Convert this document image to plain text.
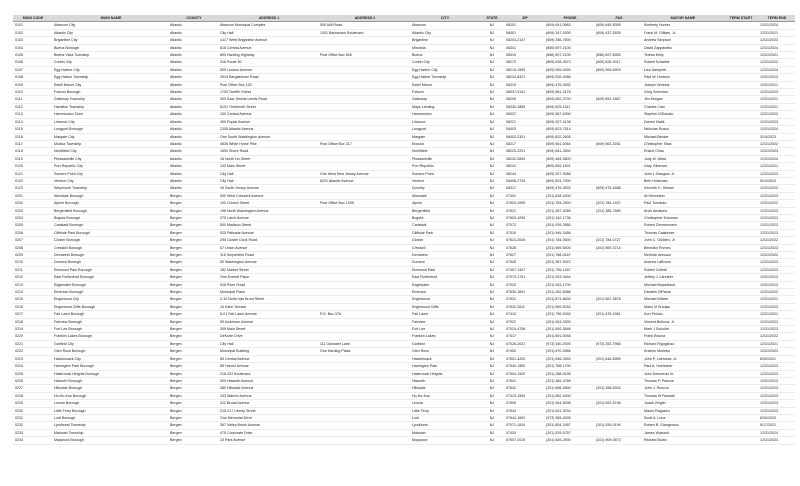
MUNI CODE	MUNI NAME	COUNTY	ADDRESS 1	ADDRESS 2	CITY	STATE	ZIP	PHONE	FAX	MAYOR NAME	TERM START	TERM END
0101	Absecon City	Atlantic	Absecon Municipal Complex	500 Mill Road	Absecon	NJ	08201	(609) 641-0663	(609) 645-5059	Kimberly Horner		12/31/2024
0102	Atlantic City	Atlantic	City Hall	1301 Bacharach Boulevard	Atlantic City	NJ	08401	(609) 347-5300	(609) 437-5539	Frank M. Gilliam, Jr.		12/31/2021
0103	Brigantine City	Atlantic	1417 West Brigantine Avenue		Brigantine	NJ	08203-2147	(609) 266-7600		Andrew Simpson		12/31/2023
0104	Buena Borough	Atlantic	616 Central Avenue		Minotola	NJ	08341	(856) 697-2100		David Zappariello		12/31/2024
0105	Buena Vista Township	Atlantic	890 Harding Highway	Post Office Box 605	Buena	NJ	08310	(856) 697-2100	(856) 697-8353	Teresa Kelly		12/31/2021
0106	Corbin City	Atlantic	316 Route 50		Corbin City	NJ	08270	(609) 628-2673	(609) 628-3017	Robert Schaible		12/31/2022
0107	Egg Harbor City	Atlantic	500 London Avenue		Egg Harbor City	NJ	08215-1599	(609) 965-0493	(609) 965-6909	Lisa Jiampetti		12/31/2024
0108	Egg Harbor Township	Atlantic	3515 Bargaintown Road		Egg Harbor Township	NJ	08234-8321	(609) 926-4086		Paul W. Hodson		12/31/2023
0109	Estell Manor City	Atlantic	Post Office Box 102		Estell Manor	NJ	08319	(609) 476-2692		Joseph Venezia		12/31/2021
0110	Folsom Borough	Atlantic	1700 Twelfth Street		Folsom	NJ	08037-9141	(609) 561-3178		Greg Schenker		12/31/2023
0111	Galloway Township	Atlantic	300 East Jimmie Leeds Road		Galloway	NJ	08205	(609) 652-3700	(609) 652-1867	Jim Morgan		12/31/2021
0112	Hamilton Township	Atlantic	6101 Thirteenth Street		Mays Landing	NJ	08330-1855	(609) 625-1511		Charles Cain		12/31/2021
0113	Hammonton Town	Atlantic	100 Central Avenue		Hammonton	NJ	08037	(609) 567-4300		Stephen DiDonato		12/31/2023
0114	Linwood City	Atlantic	400 Poplar Avenue		Linwood	NJ	08221	(609) 927-4108		Darren Matik		12/31/2023
0115	Longport Borough	Atlantic	2305 Atlantic Avenue		Longport	NJ	08403	(609) 823-7514		Nicholas Russo		12/31/2024
0116	Margate City	Atlantic	One South Washington Avenue		Margate	NJ	08402-2301	(609) 822-2605		Michael Becker		3/15/2023
0117	Mullica Township	Atlantic	4528 White Horse Pike	Post Office Box 317	Elwood	NJ	08217	(609) 561-0064	(609) 561-3031	Christopher Silva		12/31/2022
0118	Northfield City	Atlantic	1600 Shore Road		Northfield	NJ	08225-2201	(609) 641-2832		Erland Chau		12/31/2023
0119	Pleasantville City	Atlantic	18 North 1st Street		Pleasantville	NJ	08232-2694	(609) 484-3600		Judy M. Ward		12/31/2024
0120	Port Republic City	Atlantic	143 Main Street		Port Republic	NJ	08241	(609) 652-1501		Gary Giberson		12/31/2021
0121	Somers Point City	Atlantic	City Hall	One West New Jersey Avenue	Somers Point	NJ	08244	(609) 927-9088		John L Glasgow, Jr.		12/31/2023
0122	Ventnor City	Atlantic	City Hall	6201 Atlantic Avenue	Ventnor	NJ	08406-2734	(609) 823-7900		Beth Holtzman		5/14/2024
0123	Weymouth Township	Atlantic	45 South Jersey Avenue		Dorothy	NJ	08317	(609) 476-2633	(609) 476-4488	Kenneth K. Hesser		12/31/2022
0201	Allendale Borough	Bergen	500 West Crescent Avenue		Allendale	NJ	07401	(201) 818-4400		Ari Bernstein		12/31/2023
0202	Alpine Borough	Bergen	100 Church Street	Post Office Box 1095	Alpine	NJ	07620-1095	(201) 784-2900	(201) 784-1407	Paul Tomasko		12/31/2022
0203	Bergenfield Borough	Bergen	198 North Washington Avenue		Bergenfield	NJ	07621	(201) 387-4055	(201) 385-7689	Arvin Amatorio		12/31/2023
0204	Bogota Borough	Bergen	375 Larch Avenue		Bogota	NJ	07603-1099	(201) 342-1736		Christopher Koloman		12/31/2023
0205	Carlstadt Borough	Bergen	500 Madison Street		Carlstadt	NJ	07072	(201) 939-2850		Robert Zimmermann		12/31/2023
0206	Cliffside Park Borough	Bergen	525 Palisade Avenue		Cliffside Park	NJ	07010	(201) 945-3456		Thomas Calabrese		12/31/2023
0207	Closter Borough	Bergen	295 Closter Dock Road		Closter	NJ	07624-2045	(201) 784-0600	(201) 784-0727	John C. Glidden, Jr.		12/31/2022
0208	Cresskill Borough	Bergen	67 Union Avenue		Cresskill	NJ	07626	(201) 569-5400	(201) 569-3714	Benedict Romeo		12/31/2023
0209	Demarest Borough	Bergen	118 Serpentine Road		Demarest	NJ	07627	(201) 768-0167		Melinda Iannucci		12/31/2022
0210	Dumont Borough	Bergen	50 Washington Avenue		Dumont	NJ	07628	(201) 387-5022		Andrew LaBruno		12/31/2023
0211	Elmwood Park Borough	Bergen	182 Market Street		Elmwood Park	NJ	07407-1407	(201) 796-1457		Robert Colletti		12/31/2023
0212	East Rutherford Borough	Bergen	One Everett Place		East Rutherford	NJ	07073-1701	(201) 933-3444		Jeffrey J. Lahullier		12/31/2023
0213	Edgewater Borough	Bergen	916 River Road		Edgewater	NJ	07020	(201) 943-1700		Michael Mcpartland		12/31/2023
0214	Emerson Borough	Bergen	Municipal Place		Emerson	NJ	07630-1691	(201) 262-6086		Danielle DiPaola		12/31/2022
0215	Englewood City	Bergen	2-10 North Van Brunt Street		Englewood	NJ	07631	(201) 871-6630	(201) 567-3678	Michael Wildes		12/31/2021
0216	Englewood Cliffs Borough	Bergen	10 Kahn Terrace		Englewood Cliffs	NJ	07632-2611	(201) 569-5252		Mario M Kranjac		12/31/2023
0217	Fair Lawn Borough	Bergen	8-01 Fair Lawn Avenue	P.O. Box 376	Fair Lawn	NJ	07410	(201) 796-5340	(201) 475-1561	Kurt Peluso		12/31/2021
0218	Fairview Borough	Bergen	59 Anderson Avenue		Fairview	NJ	07022	(201) 943-3300		Vincent Bellucci, Jr.		12/31/2023
0219	Fort Lee Borough	Bergen	309 Main Street		Fort Lee	NJ	07024-4708	(201) 592-3646		Mark J Sokolich		12/31/2023
0220	Franklin Lakes Borough	Bergen	DeKorte Drive		Franklin Lakes	NJ	07417	(201) 891-0048		Frank Bivona		12/31/2022
0221	Garfield City	Bergen	City Hall	111 Outwater Lane	Garfield	NJ	07026-2021	(973) 340-2000	(973) 253-7965	Richard Rigoglioso		12/31/2021
0222	Glen Rock Borough	Bergen	Municipal Building	One Harding Plaza	Glen Rock	NJ	07452	(201) 670-3956		Kristine Morieko		12/31/2023
0223	Hackensack City	Bergen	65 Central Avenue		Hackensack	NJ	07601-4202	(201) 646-3940	(201) 646-8059	John P. Labrosse, Jr.		6/30/2021
0224	Harrington Park Borough	Bergen	85 Harriot Avenue		Harrington Park	NJ	07640-1550	(201) 768-1700		Paul A. Hoelscher		12/31/2023
0225	Hasbrouck Heights Borough	Bergen	218-322 Boulevard		Hasbrouck Heights	NJ	07604-1520	(201) 288-0195		John Delorenzo III.		12/31/2023
0226	Haworth Borough	Bergen	300 Haworth Avenue		Haworth	NJ	07641	(201) 384-4785		Thomas P. Pascoe		12/31/2023
0227	Hillsdale Borough	Bergen	380 Hillsdale Avenue		Hillsdale	NJ	07642	(201) 666-4800	(201) 358-5002	John J. Ruocco		12/31/2023
0228	Ho-Ho-Kus Borough	Bergen	333 Warren Avenue		Ho-Ho-Kus	NJ	07423-1594	(201) 652-4400		Thomas W Randall		12/31/2023
0229	Leonia Borough	Bergen	312 Broad Avenue		Leonia	NJ	07605	(201) 944-5008	(201) 592-5746	Judah Zeigler		12/31/2023
0230	Little Ferry Borough	Bergen	215-217 Liberty Street		Little Ferry	NJ	07643	(201) 641-9234		Mauro Raguseo		12/31/2023
0231	Lodi Borough	Bergen	One Memorial Drive		Lodi	NJ	07644-1602	(973) 365-4005		Scott A. Luna		6/30/2023
0232	Lyndhurst Township	Bergen	367 Valley Brook Avenue		Lyndhurst	NJ	07071-1810	(201) 804-2457	(201) 939-0194	Robert B. Giangeruso		5/17/2021
0233	Mahwah Township	Bergen	475 Corporate Drive		Mahwah	NJ	07430	(201) 529-5757		James Wysocki		12/31/2024
0234	Maywood Borough	Bergen	15 Park Avenue		Maywood	NJ	07607-2015	(201) 845-2900	(201) 909-0673	Richard Bolan		12/31/2023
